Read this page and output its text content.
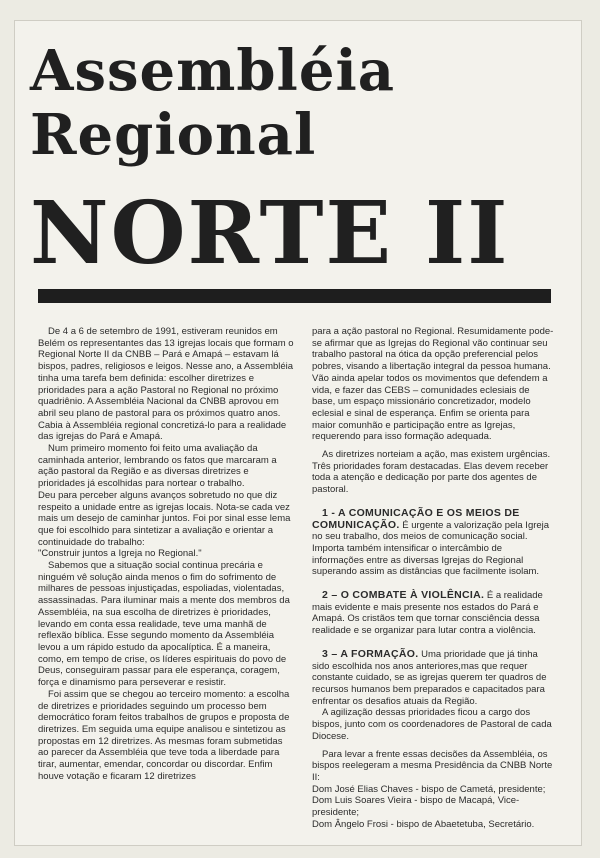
Assembléia
Regional
NORTE II

De 4 a 6 de setembro de 1991, estiveram reunidos em Belém os representantes das 13 igrejas locais que formam o Regional Norte II da CNBB – Pará e Amapá – estavam lá bispos, padres, religiosos e leigos. Nesse ano, a Assembléia tinha uma tarefa bem definida: escolher diretrizes e prioridades para a ação Pastoral no Regional no próximo quadriênio. A Assembléia Nacional da CNBB aprovou em abril seu plano de pastoral para os próximos quatro anos. Cabia à Assembléia regional concretizá-lo para a realidade das igrejas do Pará e Amapá.

Num primeiro momento foi feito uma avaliação da caminhada anterior, lembrando os fatos que marcaram a ação pastoral da Região e as diversas diretrizes e prioridades já escolhidas para nortear o trabalho.

Deu para perceber alguns avanços sobretudo no que diz respeito a unidade entre as igrejas locais. Nota-se cada vez mais um desejo de caminhar juntos. Foi por sinal esse lema que foi escolhido para sintetizar a avaliação e orientar a continuidade do trabalho:

"Construir juntos a Igreja no Regional."

Sabemos que a situação social continua precária e ninguém vê solução ainda menos o fim do sofrimento de milhares de pessoas injustiçadas, espoliadas, violentadas, assassinadas. Para iluminar mais a mente dos membros da Assembléia, na sua escolha de diretrizes è prioridades, levando em conta essa realidade, teve uma manhã de reflexão bíblica. Esse segundo momento da Assembléia levou a um rápido estudo da apocalíptica. É a maneira, como, em tempo de crise, os líderes espirituais do povo de Deus, conseguiram passar para ele esperança, coragem, força e dinamismo para perseverar e resistir.

Foi assim que se chegou ao terceiro momento: a escolha de diretrizes e prioridades seguindo um processo bem democrático foram feitos trabalhos de grupos e proposta de diretrizes. Em seguida uma equipe analisou e sintetizou as propostas em 12 diretrizes. As mesmas foram submetidas ao parecer da Assembléia que teve toda a liberdade para tirar, aumentar, emendar, concordar ou discordar. Enfim houve votação e ficaram 12 diretrizes

para a ação pastoral no Regional. Resumidamente pode-se afirmar que as Igrejas do Regional vão continuar seu trabalho pastoral na ótica da opção preferencial pelos pobres, visando a libertação integral da pessoa humana.

Vão ainda apelar todos os movimentos que defendem a vida, e fazer das CEBS – comunidades eclesiais de base, um espaço missionário concretizador, modelo eclesial e sinal de esperança. Enfim se orienta para maior comunhão e participação entre as Igrejas, requerendo para isso formação adequada.

As diretrizes norteiam a ação, mas existem urgências. Três prioridades foram destacadas. Elas devem receber toda a atenção e dedicação por parte dos agentes de pastoral.

1 - A COMUNICAÇÃO E OS MEIOS DE COMUNICAÇÃO. É urgente a valorização pela Igreja no seu trabalho, dos meios de comunicação social. Importa também intensificar o intercâmbio de informações entre as diversas Igrejas do Regional superando assim as distâncias que facilmente isolam.

2 – O COMBATE À VIOLÊNCIA. É a realidade mais evidente e mais presente nos estados do Pará e Amapá. Os cristãos tem que tornar consciência dessa realidade e se organizar para lutar contra a violência.

3 – A FORMAÇÃO. Uma prioridade que já tinha sido escolhida nos anos anteriores,mas que requer constante cuidado, se as igrejas querem ter quadros de recursos humanos bem preparados e capacitados para enfrentar os desafios atuais da Região.

A agilização dessas prioridades ficou a cargo dos bispos, junto com os coordenadores de Pastoral de cada Diocese.

Para levar a frente essas decisões da Assembléia, os bispos reelegeram a mesma Presidência da CNBB Norte II:

Dom José Elias Chaves - bispo de Cametá, presidente;

Dom Luis Soares Vieira - bispo de Macapá, Vice-presidente;

Dom Ângelo Frosi - bispo de Abaetetuba, Secretário.
